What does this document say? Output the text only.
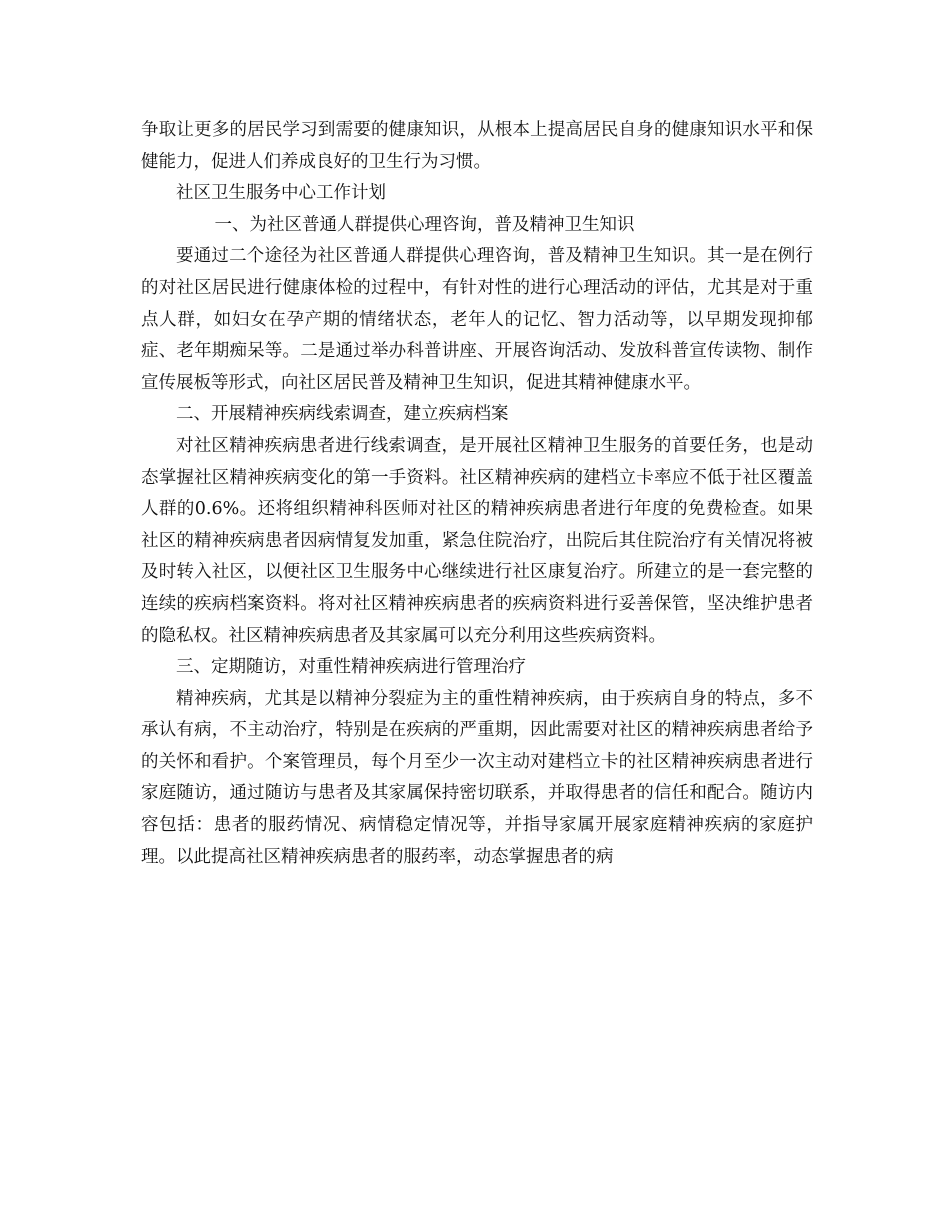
争取让更多的居民学习到需要的健康知识，从根本上提高居民自身的健康知识水平和保健能力，促进人们养成良好的卫生行为习惯。

社区卫生服务中心工作计划

一、为社区普通人群提供心理咨询，普及精神卫生知识

要通过二个途径为社区普通人群提供心理咨询，普及精神卫生知识。其一是在例行的对社区居民进行健康体检的过程中，有针对性的进行心理活动的评估，尤其是对于重点人群，如妇女在孕产期的情绪状态，老年人的记忆、智力活动等，以早期发现抑郁症、老年期痴呆等。二是通过举办科普讲座、开展咨询活动、发放科普宣传读物、制作宣传展板等形式，向社区居民普及精神卫生知识，促进其精神健康水平。

二、开展精神疾病线索调查，建立疾病档案

对社区精神疾病患者进行线索调查，是开展社区精神卫生服务的首要任务，也是动态掌握社区精神疾病变化的第一手资料。社区精神疾病的建档立卡率应不低于社区覆盖人群的0.6%。还将组织精神科医师对社区的精神疾病患者进行年度的免费检查。如果社区的精神疾病患者因病情复发加重，紧急住院治疗，出院后其住院治疗有关情况将被及时转入社区，以便社区卫生服务中心继续进行社区康复治疗。所建立的是一套完整的连续的疾病档案资料。将对社区精神疾病患者的疾病资料进行妥善保管，坚决维护患者的隐私权。社区精神疾病患者及其家属可以充分利用这些疾病资料。

三、定期随访，对重性精神疾病进行管理治疗

精神疾病，尤其是以精神分裂症为主的重性精神疾病，由于疾病自身的特点，多不承认有病，不主动治疗，特别是在疾病的严重期，因此需要对社区的精神疾病患者给予的关怀和看护。个案管理员，每个月至少一次主动对建档立卡的社区精神疾病患者进行家庭随访，通过随访与患者及其家属保持密切联系，并取得患者的信任和配合。随访内容包括：患者的服药情况、病情稳定情况等，并指导家属开展家庭精神疾病的家庭护理。以此提高社区精神疾病患者的服药率，动态掌握患者的病
